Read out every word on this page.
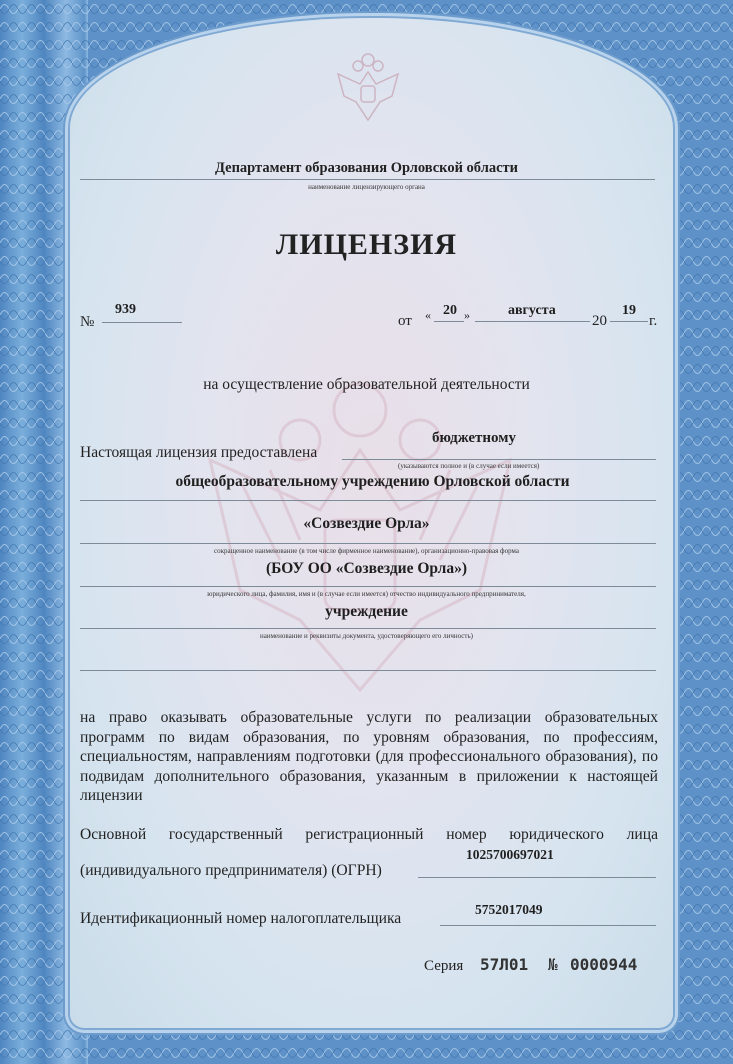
Департамент образования Орловской области
наименование лицензирующего органа
ЛИЦЕНЗИЯ
№
939
от « 20 »	августа
20
19
г.
на осуществление образовательной деятельности
Настоящая лицензия предоставлена
бюджетному
(указываются полное и (в случае если имеется)
общеобразовательному учреждению Орловской области
«Созвездие Орла»
сокращенное наименование (в том числе фирменное наименование), организационно-правовая форма
(БОУ ОО «Созвездие Орла»)
юридического лица, фамилия, имя и (в случае если имеется) отчество индивидуального предпринимателя,
учреждение
наименование и реквизиты документа, удостоверяющего его личность)
на право оказывать образовательные услуги по реализации образовательных программ по видам образования, по уровням образования, по профессиям, специальностям, направлениям подготовки (для профессионального образования), по подвидам дополнительного образования, указанным в приложении к настоящей лицензии
Основной государственный регистрационный номер юридического лица
(индивидуального предпринимателя) (ОГРН)
1025700697021
Идентификационный номер налогоплательщика
5752017049
Серия 57Л01 № 0000944
